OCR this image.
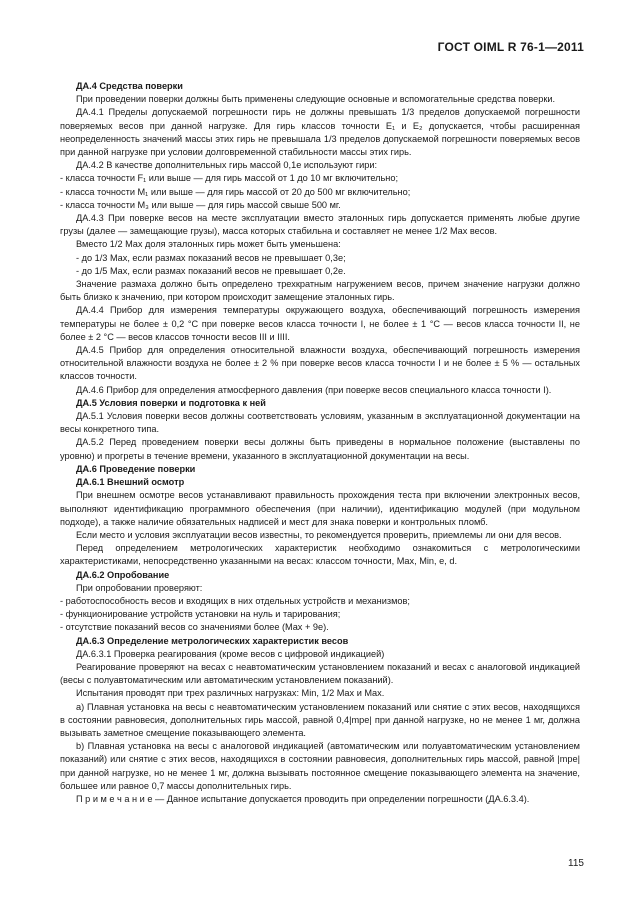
ГОСТ OIML R 76-1—2011

ДА.4 Средства поверки

При проведении поверки должны быть применены следующие основные и вспомогательные средства поверки.

ДА.4.1 Пределы допускаемой погрешности гирь не должны превышать 1/3 пределов допускаемой погрешности поверяемых весов при данной нагрузке. Для гирь классов точности E₁ и E₂ допускается, чтобы расширенная неопределенность значений массы этих гирь не превышала 1/3 пределов допускаемой погрешности поверяемых весов при данной нагрузке при условии долговременной стабильности массы этих гирь.

ДА.4.2 В качестве дополнительных гирь массой 0,1e используют гири:

- класса точности F₁ или выше — для гирь массой от 1 до 10 мг включительно;

- класса точности M₁ или выше — для гирь массой от 20 до 500 мг включительно;

- класса точности M₃ или выше — для гирь массой свыше 500 мг.

ДА.4.3 При поверке весов на месте эксплуатации вместо эталонных гирь допускается применять любые другие грузы (далее — замещающие грузы), масса которых стабильна и составляет не менее 1/2 Max весов.

Вместо 1/2 Max доля эталонных гирь может быть уменьшена:

- до 1/3 Max, если размах показаний весов не превышает 0,3e;

- до 1/5 Max, если размах показаний весов не превышает 0,2e.

Значение размаха должно быть определено трехкратным нагружением весов, причем значение нагрузки должно быть близко к значению, при котором происходит замещение эталонных гирь.

ДА.4.4 Прибор для измерения температуры окружающего воздуха, обеспечивающий погрешность измерения температуры не более ± 0,2 °С при поверке весов класса точности I, не более ± 1 °С — весов класса точности II, не более ± 2 °С — весов классов точности весов III и IIII.

ДА.4.5 Прибор для определения относительной влажности воздуха, обеспечивающий погрешность измерения относительной влажности воздуха не более ± 2 % при поверке весов класса точности I и не более ± 5 % — остальных классов точности.

ДА.4.6 Прибор для определения атмосферного давления (при поверке весов специального класса точности I).

ДА.5 Условия поверки и подготовка к ней

ДА.5.1 Условия поверки весов должны соответствовать условиям, указанным в эксплуатационной документации на весы конкретного типа.

ДА.5.2 Перед проведением поверки весы должны быть приведены в нормальное положение (выставлены по уровню) и прогреты в течение времени, указанного в эксплуатационной документации на весы.

ДА.6 Проведение поверки

ДА.6.1 Внешний осмотр

При внешнем осмотре весов устанавливают правильность прохождения теста при включении электронных весов, выполняют идентификацию программного обеспечения (при наличии), идентификацию модулей (при модульном подходе), а также наличие обязательных надписей и мест для знака поверки и контрольных пломб.

Если место и условия эксплуатации весов известны, то рекомендуется проверить, приемлемы ли они для весов.

Перед определением метрологических характеристик необходимо ознакомиться с метрологическими характеристиками, непосредственно указанными на весах: классом точности, Max, Min, e, d.

ДА.6.2 Опробование

При опробовании проверяют:

- работоспособность весов и входящих в них отдельных устройств и механизмов;

- функционирование устройств установки на нуль и тарирования;

- отсутствие показаний весов со значениями более (Max + 9e).

ДА.6.3 Определение метрологических характеристик весов

ДА.6.3.1 Проверка реагирования (кроме весов с цифровой индикацией)

Реагирование проверяют на весах с неавтоматическим установлением показаний и весах с аналоговой индикацией (весы с полуавтоматическим или автоматическим установлением показаний).

Испытания проводят при трех различных нагрузках: Min, 1/2 Max и Max.

а) Плавная установка на весы с неавтоматическим установлением показаний или снятие с этих весов, находящихся в состоянии равновесия, дополнительных гирь массой, равной 0,4|mpe| при данной нагрузке, но не менее 1 мг, должна вызывать заметное смещение показывающего элемента.

b) Плавная установка на весы с аналоговой индикацией (автоматическим или полуавтоматическим установлением показаний) или снятие с этих весов, находящихся в состоянии равновесия, дополнительных гирь массой, равной |mpe| при данной нагрузке, но не менее 1 мг, должна вызывать постоянное смещение показывающего элемента на значение, большее или равное 0,7 массы дополнительных гирь.

П р и м е ч а н и е — Данное испытание допускается проводить при определении погрешности (ДА.6.3.4).

115
